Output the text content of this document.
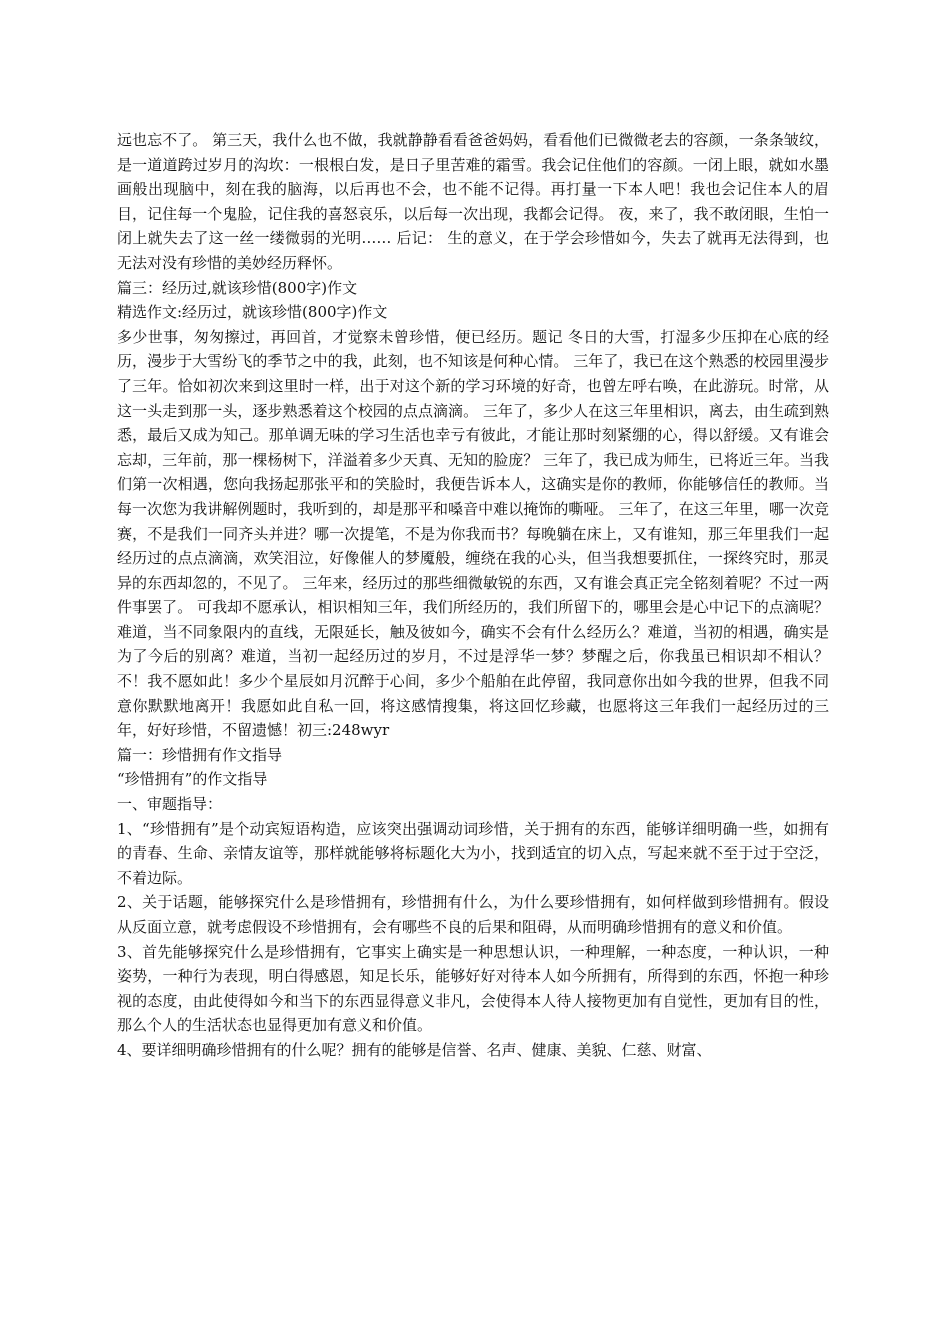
远也忘不了。 第三天，我什么也不做，我就静静看看爸爸妈妈，看看他们已微微老去的容颜，一条条皱纹，是一道道跨过岁月的沟坎：一根根白发，是日子里苦难的霜雪。我会记住他们的容颜。一闭上眼，就如水墨画般出现脑中，刻在我的脑海，以后再也不会，也不能不记得。再打量一下本人吧！我也会记住本人的眉目，记住每一个鬼脸，记住我的喜怒哀乐，以后每一次出现，我都会记得。 夜，来了，我不敢闭眼，生怕一闭上就失去了这一丝一缕微弱的光明…… 后记： 生的意义，在于学会珍惜如今，失去了就再无法得到，也无法对没有珍惜的美妙经历释怀。

篇三：经历过,就该珍惜(800字)作文

精选作文:经历过，就该珍惜(800字)作文

多少世事，匆匆擦过，再回首，才觉察未曾珍惜，便已经历。题记 冬日的大雪，打湿多少压抑在心底的经历，漫步于大雪纷飞的季节之中的我，此刻，也不知该是何种心情。 三年了，我已在这个熟悉的校园里漫步了三年。恰如初次来到这里时一样，出于对这个新的学习环境的好奇，也曾左呼右唤，在此游玩。时常，从这一头走到那一头，逐步熟悉着这个校园的点点滴滴。 三年了，多少人在这三年里相识，离去，由生疏到熟悉，最后又成为知己。那单调无味的学习生活也幸亏有彼此，才能让那时刻紧绷的心，得以舒缓。又有谁会忘却，三年前，那一棵杨树下，洋溢着多少天真、无知的脸庞？ 三年了，我已成为师生，已将近三年。当我们第一次相遇，您向我扬起那张平和的笑脸时，我便告诉本人，这确实是你的教师，你能够信任的教师。当每一次您为我讲解例题时，我听到的，却是那平和嗓音中难以掩饰的嘶哑。 三年了，在这三年里，哪一次竞赛，不是我们一同齐头并进？哪一次提笔，不是为你我而书？每晚躺在床上，又有谁知，那三年里我们一起经历过的点点滴滴，欢笑泪泣，好像催人的梦魇般，缠绕在我的心头，但当我想要抓住，一探终究时，那灵异的东西却忽的，不见了。 三年来，经历过的那些细微敏锐的东西，又有谁会真正完全铭刻着呢？不过一两件事罢了。 可我却不愿承认，相识相知三年，我们所经历的，我们所留下的，哪里会是心中记下的点滴呢？难道，当不同象限内的直线，无限延长，触及彼如今，确实不会有什么经历么？难道，当初的相遇，确实是为了今后的别离？难道，当初一起经历过的岁月，不过是浮华一梦？梦醒之后，你我虽已相识却不相认？ 不！我不愿如此！多少个星辰如月沉醉于心间，多少个船舶在此停留，我同意你出如今我的世界，但我不同意你默默地离开！我愿如此自私一回，将这感情搜集，将这回忆珍藏，也愿将这三年我们一起经历过的三年，好好珍惜，不留遗憾！初三:248wyr

篇一：珍惜拥有作文指导

“珍惜拥有”的作文指导

一、审题指导：

1、“珍惜拥有”是个动宾短语构造，应该突出强调动词珍惜，关于拥有的东西，能够详细明确一些，如拥有的青春、生命、亲情友谊等，那样就能够将标题化大为小，找到适宜的切入点，写起来就不至于过于空泛，不着边际。

2、关于话题，能够探究什么是珍惜拥有，珍惜拥有什么，为什么要珍惜拥有，如何样做到珍惜拥有。假设从反面立意，就考虑假设不珍惜拥有，会有哪些不良的后果和阻碍，从而明确珍惜拥有的意义和价值。

3、首先能够探究什么是珍惜拥有，它事实上确实是一种思想认识，一种理解，一种态度，一种认识，一种姿势，一种行为表现，明白得感恩，知足长乐，能够好好对待本人如今所拥有，所得到的东西，怀抱一种珍视的态度，由此使得如今和当下的东西显得意义非凡，会使得本人待人接物更加有自觉性，更加有目的性，那么个人的生活状态也显得更加有意义和价值。

4、要详细明确珍惜拥有的什么呢？拥有的能够是信誉、名声、健康、美貌、仁慈、财富、
